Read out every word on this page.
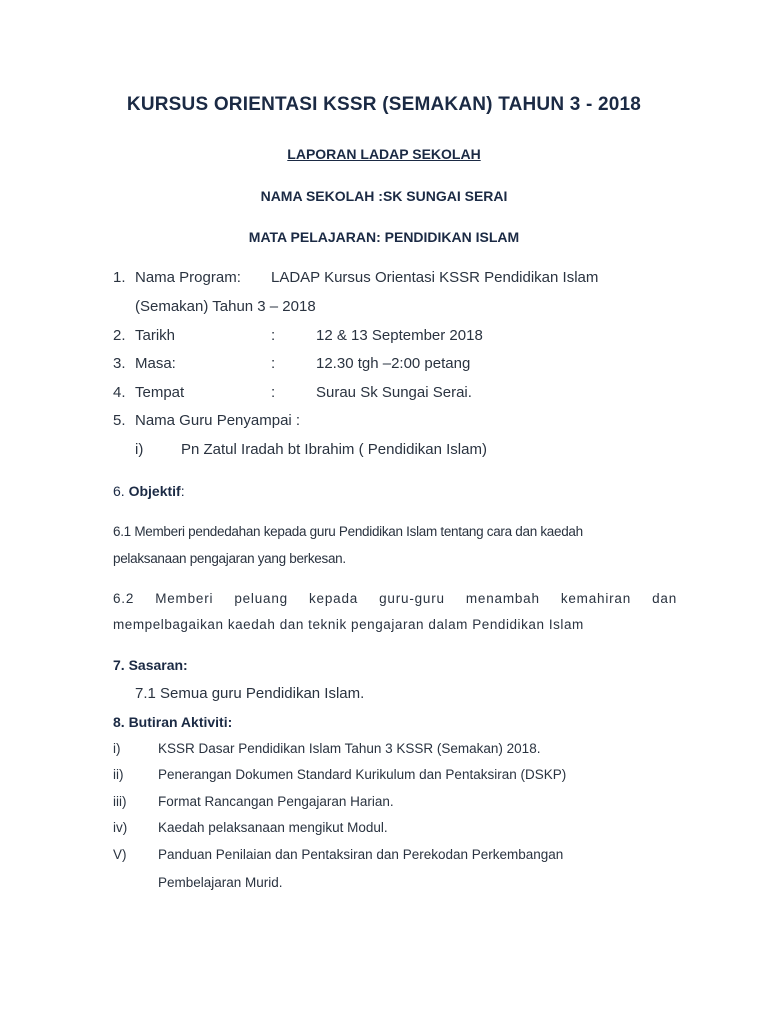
KURSUS ORIENTASI KSSR (SEMAKAN) TAHUN 3 - 2018
LAPORAN LADAP SEKOLAH
NAMA SEKOLAH :SK SUNGAI SERAI
MATA PELAJARAN: PENDIDIKAN ISLAM
1. Nama Program: LADAP Kursus Orientasi KSSR Pendidikan Islam
(Semakan) Tahun 3 – 2018
2. Tarikh	:	12 & 13 September 2018
3. Masa:	:	12.30 tgh –2:00 petang
4. Tempat	:	Surau Sk Sungai Serai.
5. Nama Guru Penyampai :
i)	Pn Zatul Iradah bt Ibrahim ( Pendidikan Islam)
6. Objektif:
6.1 Memberi pendedahan kepada guru Pendidikan Islam tentang cara dan kaedah
pelaksanaan pengajaran yang berkesan.
6.2 Memberi peluang kepada guru-guru menambah kemahiran dan
mempelbagaikan kaedah dan teknik pengajaran dalam Pendidikan Islam
7. Sasaran:
7.1 Semua guru Pendidikan Islam.
8. Butiran Aktiviti:
i)	KSSR Dasar Pendidikan Islam Tahun 3 KSSR (Semakan) 2018.
ii)	Penerangan Dokumen Standard Kurikulum dan Pentaksiran (DSKP)
iii) Format Rancangan Pengajaran Harian.
iv) Kaedah pelaksanaan mengikut Modul.
V) Panduan Penilaian dan Pentaksiran dan Perekodan Perkembangan
Pembelajaran Murid.
